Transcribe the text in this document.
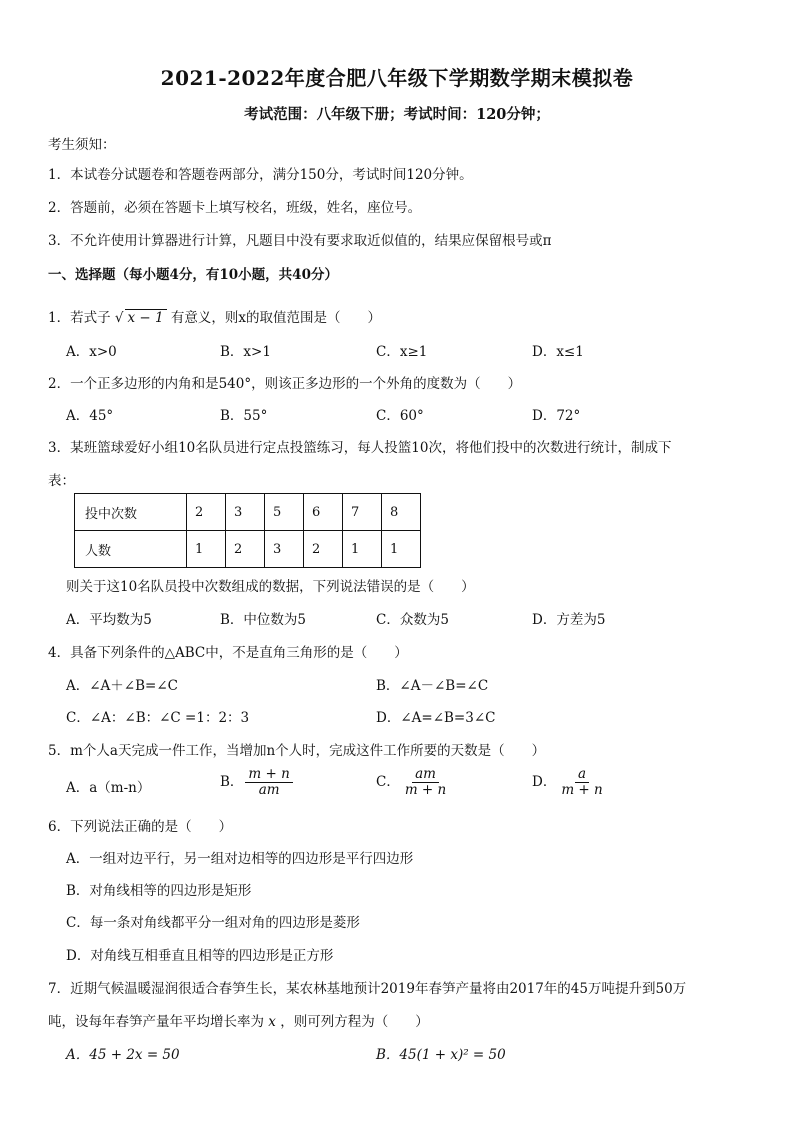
2021-2022年度合肥八年级下学期数学期末模拟卷
考试范围：八年级下册；考试时间：120分钟；
考生须知：
1．本试卷分试题卷和答题卷两部分，满分150分，考试时间120分钟。
2．答题前，必须在答题卡上填写校名，班级，姓名，座位号。
3．不允许使用计算器进行计算，凡题目中没有要求取近似值的，结果应保留根号或π
一、选择题（每小题4分，有10小题，共40分）
1．若式子 √ x − 1 有意义，则x的取值范围是（　　）
A．x>0	B．x>1	C．x≥1	D．x≤1
2．一个正多边形的内角和是540°，则该正多边形的一个外角的度数为（　　）
A．45°	B．55°	C．60°	D．72°
3．某班篮球爱好小组10名队员进行定点投篮练习，每人投篮10次，将他们投中的次数进行统计，制成下
表：
投中次数	2	3	5	6	7	8
人数	1	2	3	2	1	1
则关于这10名队员投中次数组成的数据，下列说法错误的是（　　）
A．平均数为5	B．中位数为5	C．众数为5	D．方差为5
4．具备下列条件的△ABC中，不是直角三角形的是（　　）
A．∠A＋∠B=∠C	B．∠A－∠B=∠C
C．∠A：∠B：∠C =1：2：3	D．∠A=∠B=3∠C
5．m个人a天完成一件工作，当增加n个人时，完成这件工作所要的天数是（　　）
A．a（m-n）	B． $\frac{m + n}{am}$	C． $\frac{am}{m + n}$	D． $\frac{a}{m + n}$
6．下列说法正确的是（　　）
A．一组对边平行，另一组对边相等的四边形是平行四边形
B．对角线相等的四边形是矩形
C．每一条对角线都平分一组对角的四边形是菱形
D．对角线互相垂直且相等的四边形是正方形
7．近期气候温暖湿润很适合春笋生长，某农林基地预计2019年春笋产量将由2017年的45万吨提升到50万
吨，设每年春笋产量年平均增长率为 x ，则可列方程为（　　）
A．45 + 2x = 50	B．45(1 + x)² = 50
